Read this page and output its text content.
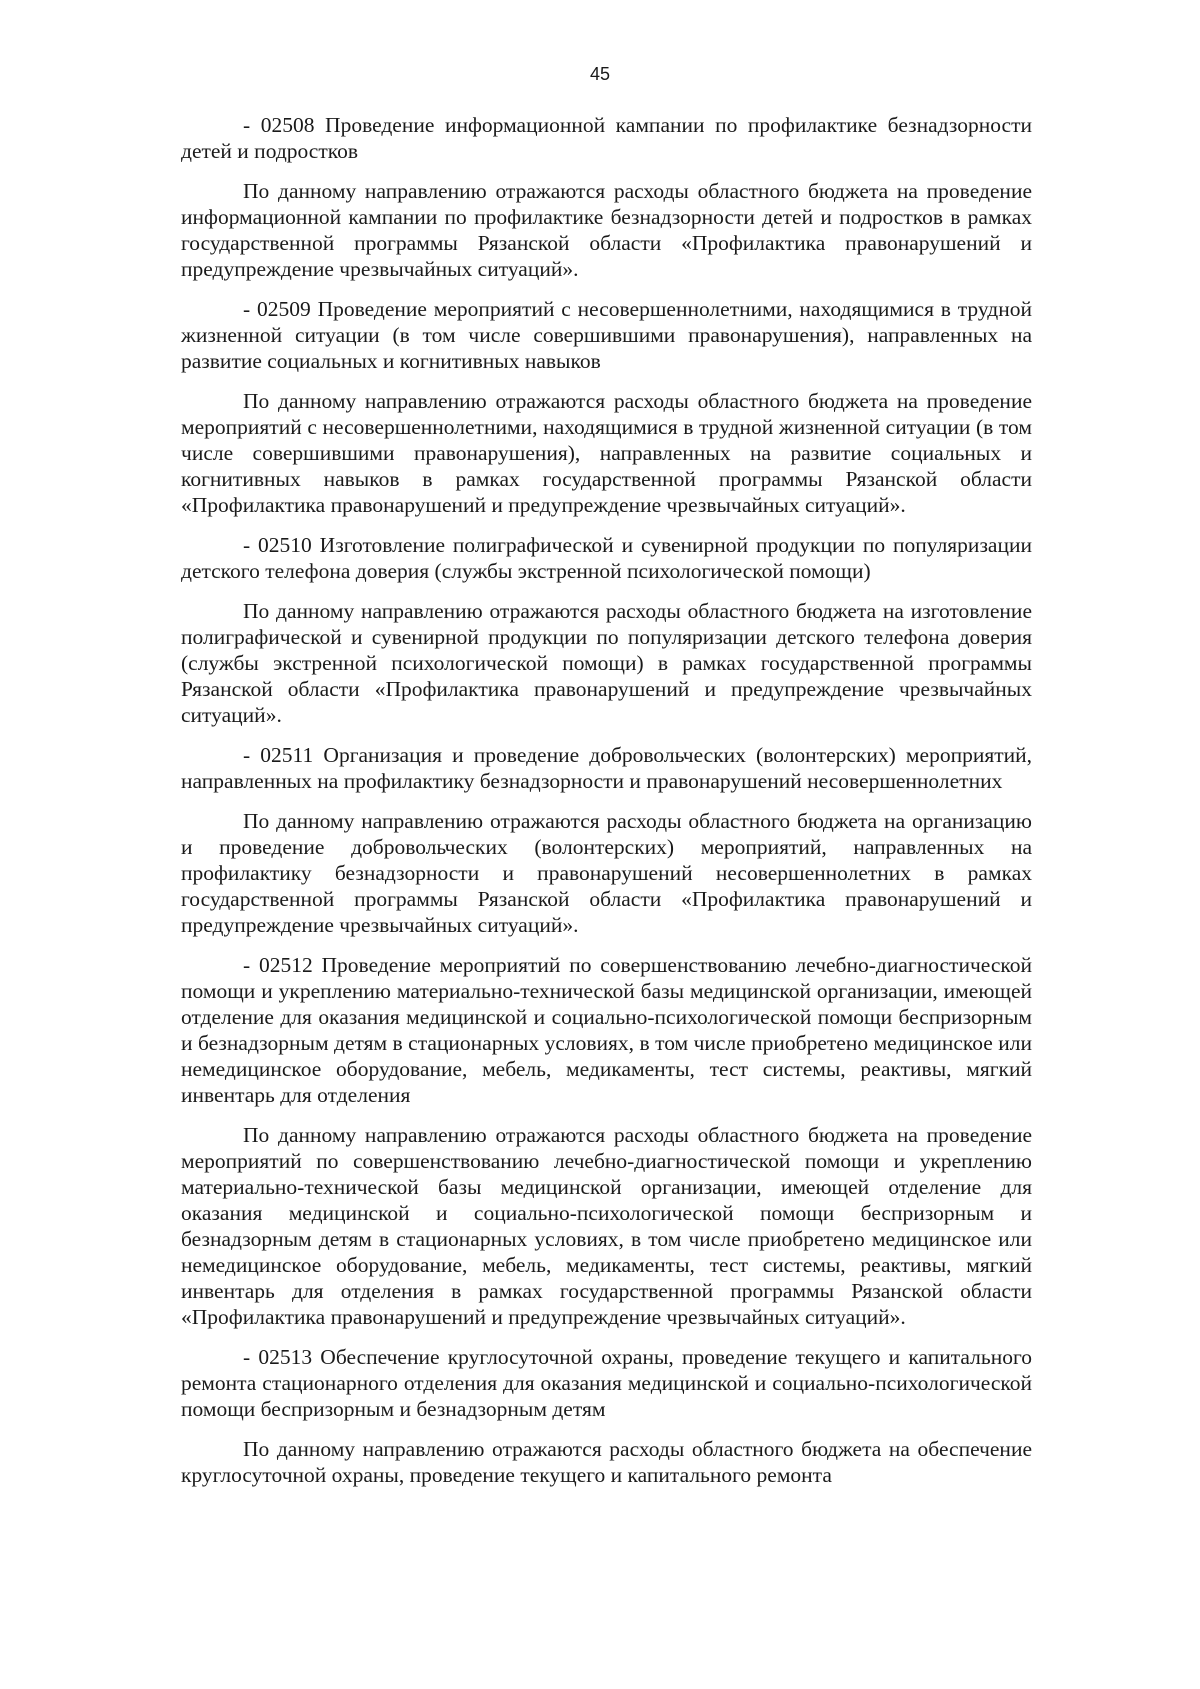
45

- 02508 Проведение информационной кампании по профилактике безнадзорности детей и подростков

По данному направлению отражаются расходы областного бюджета на проведение информационной кампании по профилактике безнадзорности детей и подростков в рамках государственной программы Рязанской области «Профилактика правонарушений и предупреждение чрезвычайных ситуаций».

- 02509 Проведение мероприятий с несовершеннолетними, находящимися в трудной жизненной ситуации (в том числе совершившими правонарушения), направленных на развитие социальных и когнитивных навыков

По данному направлению отражаются расходы областного бюджета на проведение мероприятий с несовершеннолетними, находящимися в трудной жизненной ситуации (в том числе совершившими правонарушения), направленных на развитие социальных и когнитивных навыков в рамках государственной программы Рязанской области «Профилактика правонарушений и предупреждение чрезвычайных ситуаций».

- 02510 Изготовление полиграфической и сувенирной продукции по популяризации детского телефона доверия (службы экстренной психологической помощи)

По данному направлению отражаются расходы областного бюджета на изготовление полиграфической и сувенирной продукции по популяризации детского телефона доверия (службы экстренной психологической помощи) в рамках государственной программы Рязанской области «Профилактика правонарушений и предупреждение чрезвычайных ситуаций».

- 02511 Организация и проведение добровольческих (волонтерских) мероприятий, направленных на профилактику безнадзорности и правонарушений несовершеннолетних

По данному направлению отражаются расходы областного бюджета на организацию и проведение добровольческих (волонтерских) мероприятий, направленных на профилактику безнадзорности и правонарушений несовершеннолетних в рамках государственной программы Рязанской области «Профилактика правонарушений и предупреждение чрезвычайных ситуаций».

- 02512 Проведение мероприятий по совершенствованию лечебно-диагностической помощи и укреплению материально-технической базы медицинской организации, имеющей отделение для оказания медицинской и социально-психологической помощи беспризорным и безнадзорным детям в стационарных условиях, в том числе приобретено медицинское или немедицинское оборудование, мебель, медикаменты, тест системы, реактивы, мягкий инвентарь для отделения

По данному направлению отражаются расходы областного бюджета на проведение мероприятий по совершенствованию лечебно-диагностической помощи и укреплению материально-технической базы медицинской организации, имеющей отделение для оказания медицинской и социально-психологической помощи беспризорным и безнадзорным детям в стационарных условиях, в том числе приобретено медицинское или немедицинское оборудование, мебель, медикаменты, тест системы, реактивы, мягкий инвентарь для отделения в рамках государственной программы Рязанской области «Профилактика правонарушений и предупреждение чрезвычайных ситуаций».

- 02513 Обеспечение круглосуточной охраны, проведение текущего и капитального ремонта стационарного отделения для оказания медицинской и социально-психологической помощи беспризорным и безнадзорным детям

По данному направлению отражаются расходы областного бюджета на обеспечение круглосуточной охраны, проведение текущего и капитального ремонта
